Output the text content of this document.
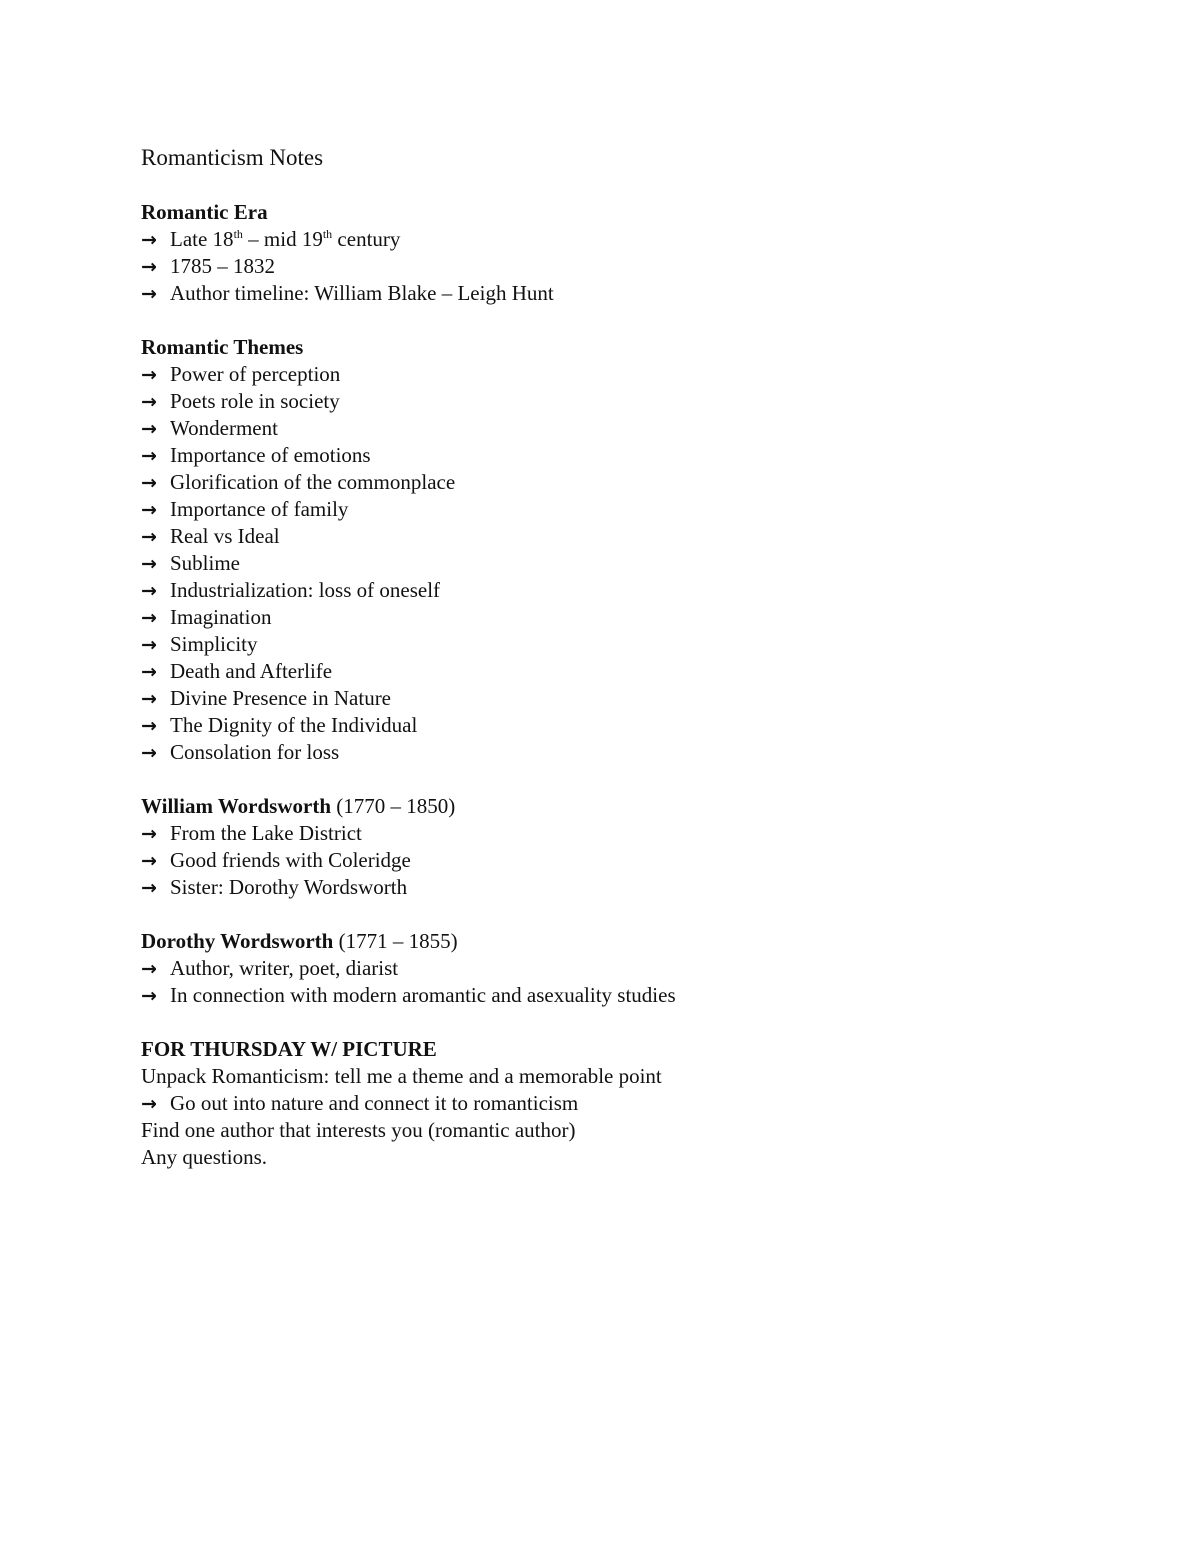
Romanticism Notes
Romantic Era
→ Late 18th – mid 19th century
→ 1785 – 1832
→ Author timeline: William Blake – Leigh Hunt
Romantic Themes
→ Power of perception
→ Poets role in society
→ Wonderment
→ Importance of emotions
→ Glorification of the commonplace
→ Importance of family
→ Real vs Ideal
→ Sublime
→ Industrialization: loss of oneself
→ Imagination
→ Simplicity
→ Death and Afterlife
→ Divine Presence in Nature
→ The Dignity of the Individual
→ Consolation for loss
William Wordsworth (1770 – 1850)
→ From the Lake District
→ Good friends with Coleridge
→ Sister: Dorothy Wordsworth
Dorothy Wordsworth (1771 – 1855)
→ Author, writer, poet, diarist
→ In connection with modern aromantic and asexuality studies
FOR THURSDAY W/ PICTURE
Unpack Romanticism: tell me a theme and a memorable point
→ Go out into nature and connect it to romanticism
Find one author that interests you (romantic author)
Any questions.
